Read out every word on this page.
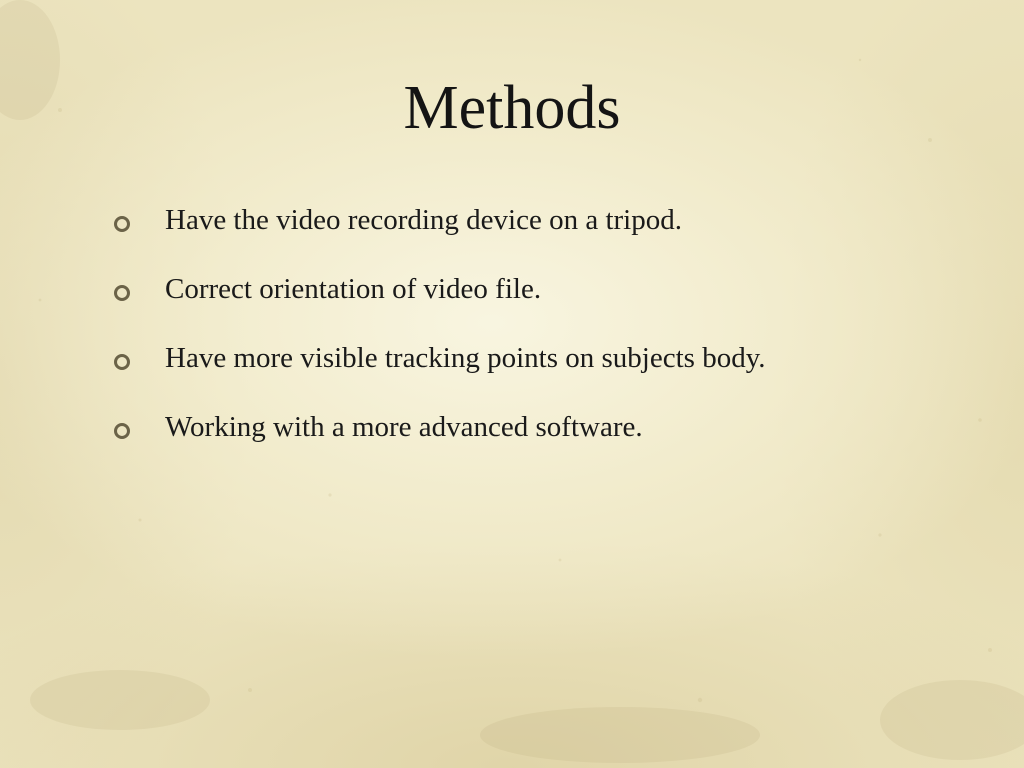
Methods
Have the video recording device on a tripod.
Correct orientation of video file.
Have more visible tracking points on subjects body.
Working with a more advanced software.
